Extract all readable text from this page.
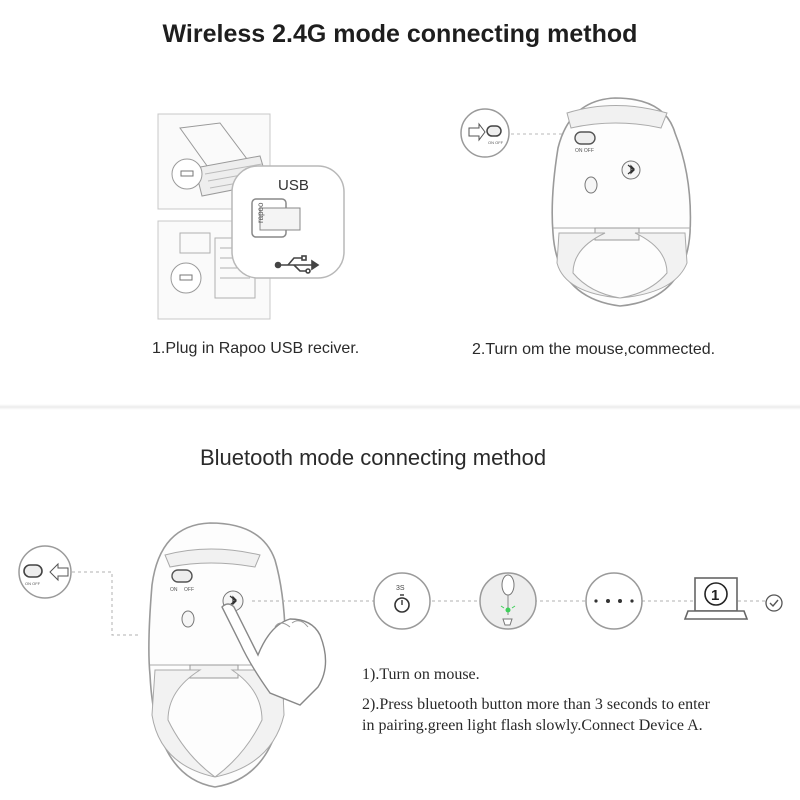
Wireless 2.4G mode connecting method
USB
rapoo
1.Plug in Rapoo USB reciver.
ON OFF
ON OFF
2.Turn om the mouse,commected.
Bluetooth mode connecting method
ON OFF
ON OFF	3S	1
1).Turn on mouse.
2).Press bluetooth button more than 3 seconds to enter
in pairing.green light flash slowly.Connect Device A.
